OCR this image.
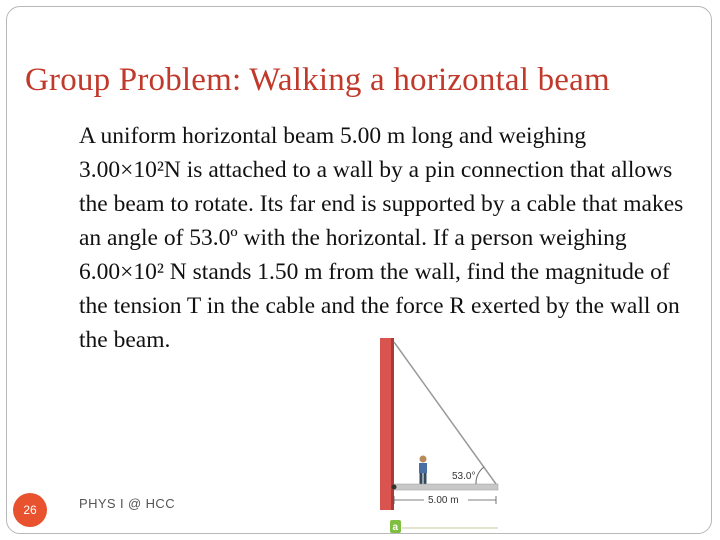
Group Problem: Walking a horizontal beam

A uniform horizontal beam 5.00 m long and weighing 3.00×10²N is attached to a wall by a pin connection that allows the beam to rotate. Its far end is supported by a cable that makes an angle of 53.0º with the horizontal. If a person weighing 6.00×10² N stands 1.50 m from the wall, find the magnitude of the tension T in the cable and the force R exerted by the wall on the beam.

53.0°
5.00 m
a
26	PHYS I @ HCC
